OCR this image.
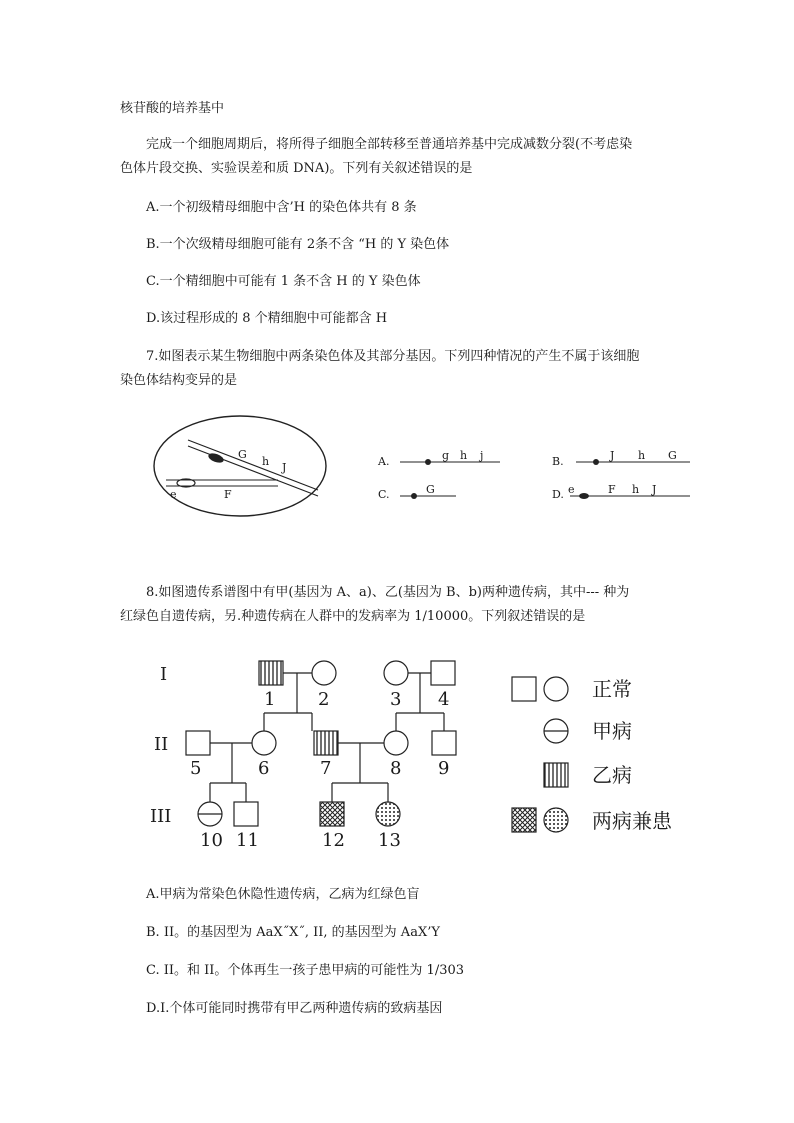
核苷酸的培养基中
完成一个细胞周期后，将所得子细胞全部转移至普通培养基中完成减数分裂(不考虑染
色体片段交换、实验误差和质 DNA)。下列有关叙述错误的是
A.一个初级精母细胞中含’H 的染色体共有 8 条
B.一个次级精母细胞可能有 2条不含 “H 的 Y 染色体
C.一个精细胞中可能有 1 条不含 H 的 Y 染色体
D.该过程形成的 8 个精细胞中可能都含 H
7.如图表示某生物细胞中两条染色体及其部分基因。下列四种情况的产生不属于该细胞
染色体结构变异的是
G
h J
e	F
A.	g h j	B.	J h G
C.	G	D. e	F h J
8.如图遗传系谱图中有甲(基因为 A、a)、乙(基因为 B、b)两种遗传病，其中--- 种为
红绿色自遗传病，另.种遗传病在人群中的发病率为 1/10000。下列叙述错误的是
I
II
III
1 2	3 4
5	6	7	8 9
10 11	12 13
正常
甲病
乙病
两病兼患
A.甲病为常染色休隐性遗传病，乙病为红绿色盲
B. II。的基因型为 AaX˝X˝, II, 的基因型为 AaX’Y
C. II。和 II。个体再生一孩子患甲病的可能性为 1/303
D.I.个体可能同时携带有甲乙两种遗传病的致病基因
